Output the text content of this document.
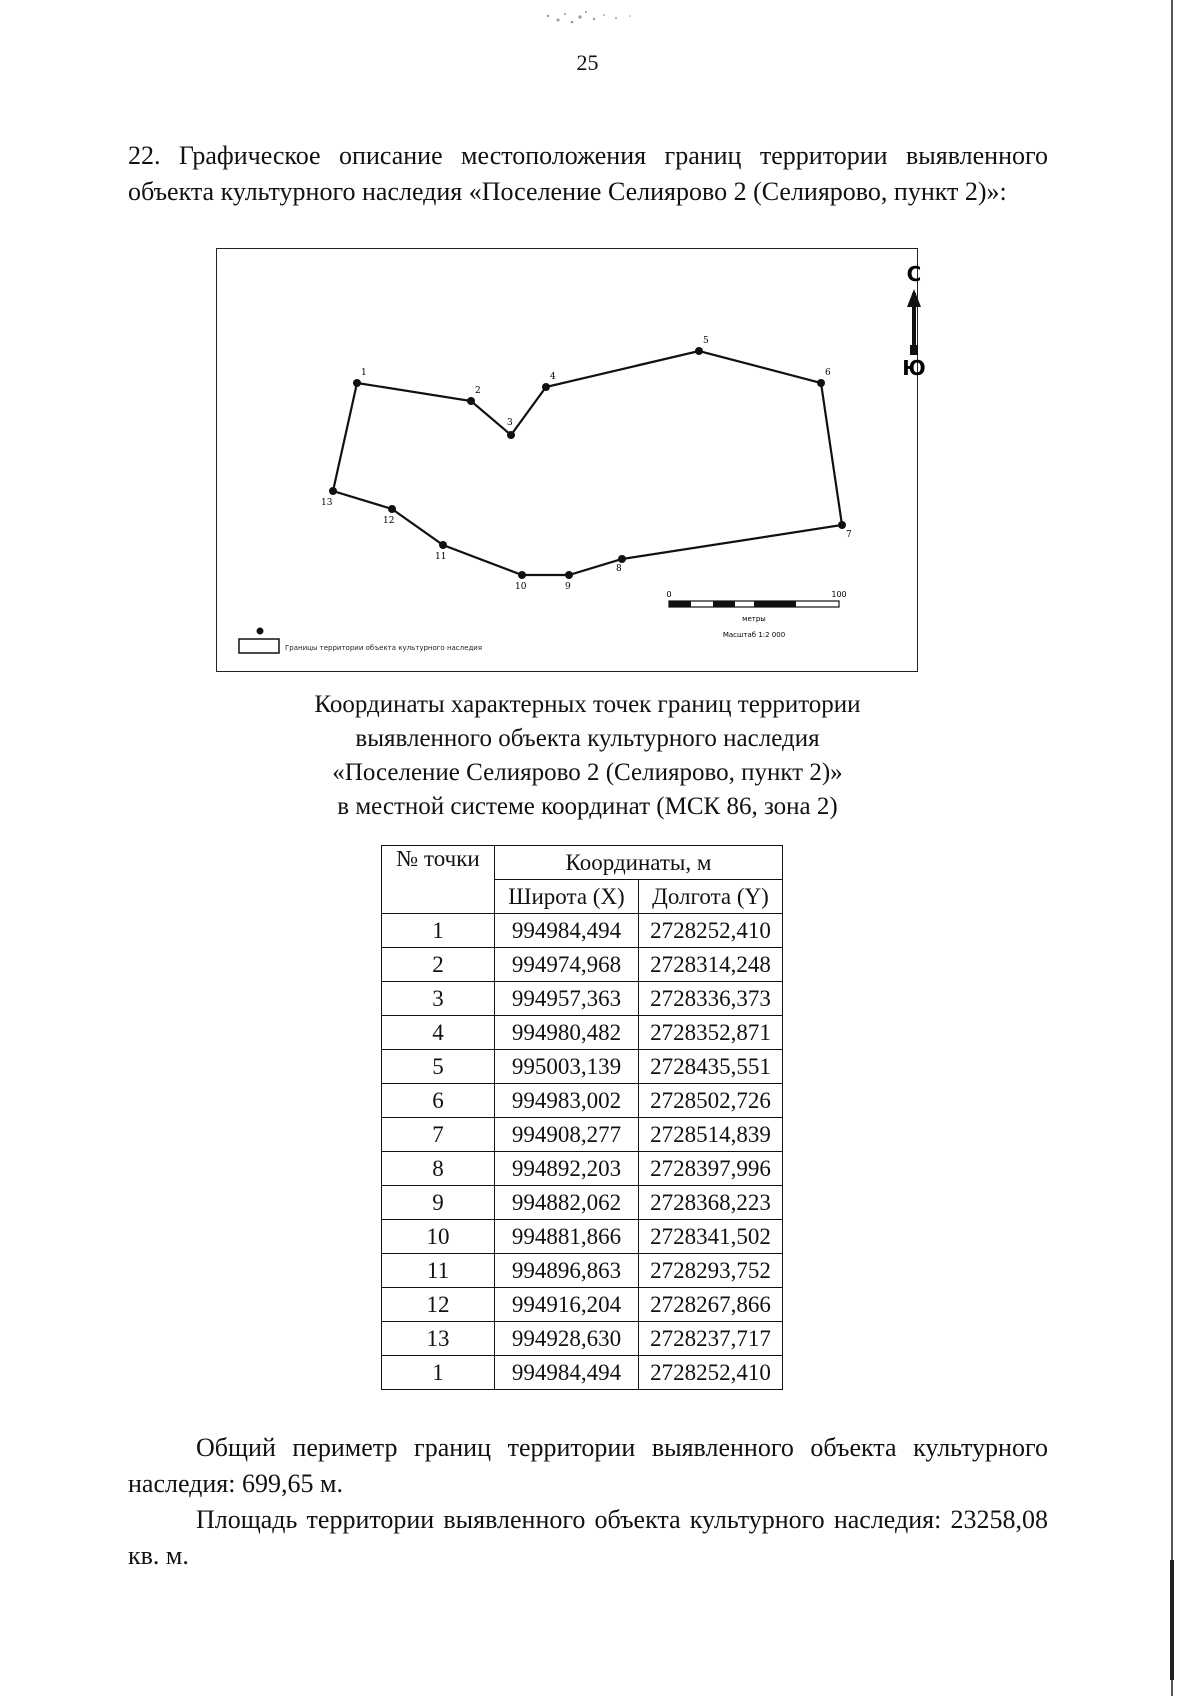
25
22. Графическое описание местоположения границ территории выявленного объекта культурного наследия «Поселение Селиярово 2 (Селиярово, пункт 2)»:
1
2
3
4
5
6
7
8
9
10
11
12
13
С
Ю
Границы территории объекта культурного наследия
0	100
метры
Масштаб 1:2 000
Координаты характерных точек границ территории
выявленного объекта культурного наследия
«Поселение Селиярово 2 (Селиярово, пункт 2)»
в местной системе координат (МСК 86, зона 2)
№ точки	Координаты, м	
	Широта (X)	Долгота (Y)
1	994984,494	2728252,410
2	994974,968	2728314,248
3	994957,363	2728336,373
4	994980,482	2728352,871
5	995003,139	2728435,551
6	994983,002	2728502,726
7	994908,277	2728514,839
8	994892,203	2728397,996
9	994882,062	2728368,223
10	994881,866	2728341,502
11	994896,863	2728293,752
12	994916,204	2728267,866
13	994928,630	2728237,717
1	994984,494	2728252,410

Общий периметр границ территории выявленного объекта культурного наследия: 699,65 м.

Площадь территории выявленного объекта культурного наследия: 23258,08 кв. м.
